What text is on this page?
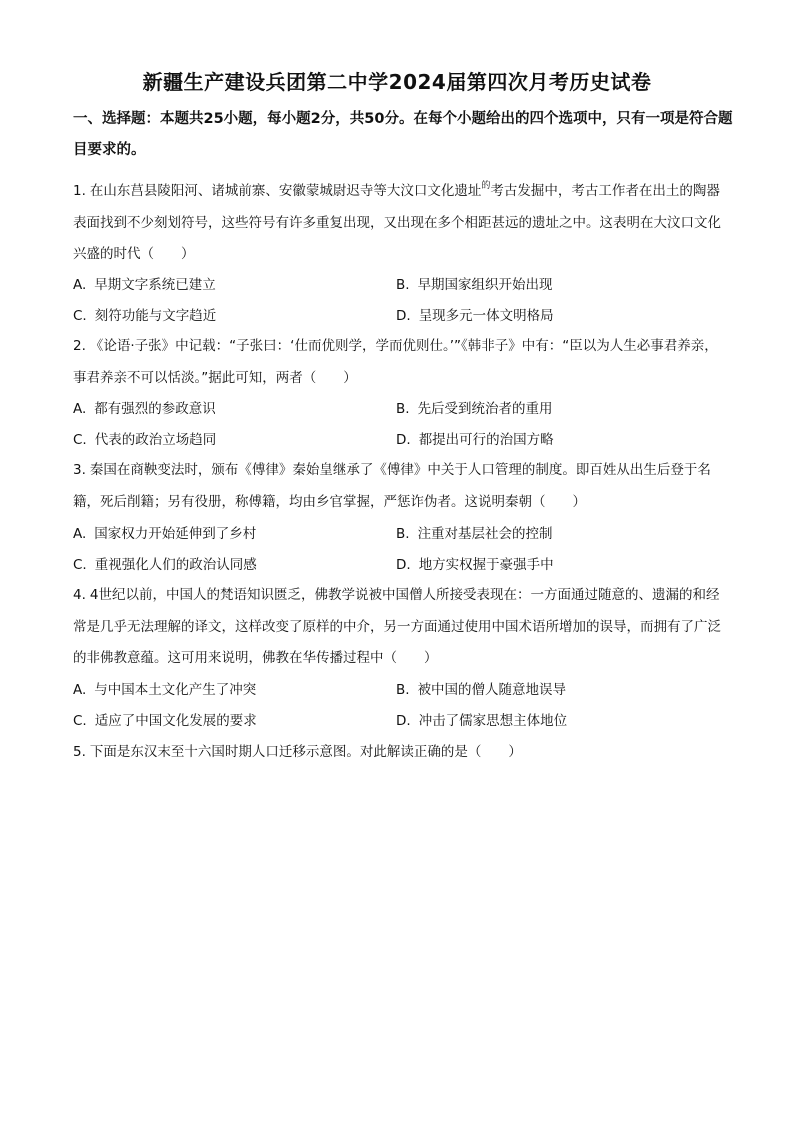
新疆生产建设兵团第二中学2024届第四次月考历史试卷
一、选择题：本题共25小题，每小题2分，共50分。在每个小题给出的四个选项中，只有一项是符合题目要求的。
1. 在山东莒县陵阳河、诸城前寨、安徽蒙城尉迟寺等大汶口文化遗址$^的$考古发掘中，考古工作者在出土的陶器表面找到不少刻划符号，这些符号有许多重复出现，又出现在多个相距甚远的遗址之中。这表明在大汶口文化兴盛的时代（　　）
A. 早期文字系统已建立	B. 早期国家组织开始出现
C. 刻符功能与文字趋近	D. 呈现多元一体文明格局
2. 《论语·子张》中记载：“子张曰：‘仕而优则学，学而优则仕。’”《韩非子》中有：“臣以为人生必事君养亲，事君养亲不可以恬淡。”据此可知，两者（　　）
A. 都有强烈的参政意识	B. 先后受到统治者的重用
C. 代表的政治立场趋同	D. 都提出可行的治国方略
3. 秦国在商鞅变法时，颁布《傅律》秦始皇继承了《傅律》中关于人口管理的制度。即百姓从出生后登于名籍，死后削籍；另有役册，称傅籍，均由乡官掌握，严惩诈伪者。这说明秦朝（　　）
A. 国家权力开始延伸到了乡村	B. 注重对基层社会的控制
C. 重视强化人们的政治认同感	D. 地方实权握于豪强手中
4. 4世纪以前，中国人的梵语知识匮乏，佛教学说被中国僧人所接受表现在：一方面通过随意的、遗漏的和经常是几乎无法理解的译文，这样改变了原样的中介，另一方面通过使用中国术语所增加的误导，而拥有了广泛的非佛教意蕴。这可用来说明，佛教在华传播过程中（　　）
A. 与中国本土文化产生了冲突	B. 被中国的僧人随意地误导
C. 适应了中国文化发展的要求	D. 冲击了儒家思想主体地位
5. 下面是东汉末至十六国时期人口迁移示意图。对此解读正确的是（　　）
